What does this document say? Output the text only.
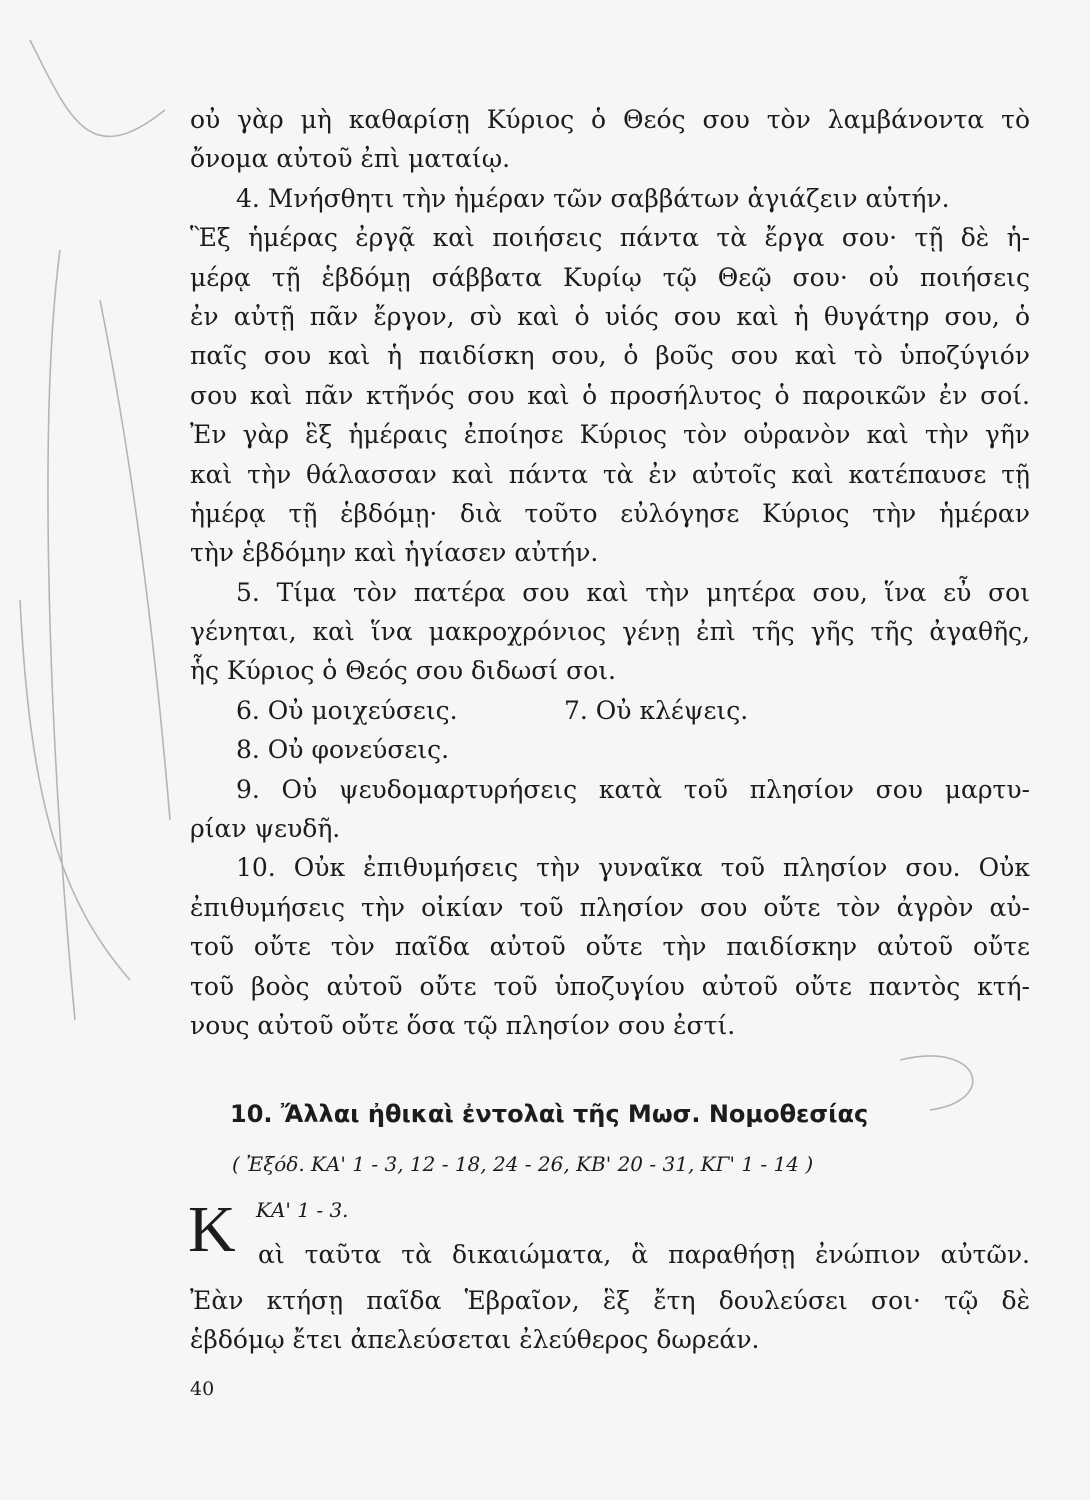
οὐ γὰρ μὴ καθαρίσῃ Κύριος ὁ Θεός σου τὸν λαμβάνοντα τὸ
ὄνομα αὐτοῦ ἐπὶ ματαίῳ.
4. Μνήσθητι τὴν ἡμέραν τῶν σαββάτων ἁγιάζειν αὐτήν.
Ἓξ ἡμέρας ἐργᾷ καὶ ποιήσεις πάντα τὰ ἔργα σου· τῇ δὲ ἡ-
μέρᾳ τῇ ἑβδόμῃ σάββατα Κυρίῳ τῷ Θεῷ σου· οὐ ποιήσεις
ἐν αὐτῇ πᾶν ἔργον, σὺ καὶ ὁ υἱός σου καὶ ἡ θυγάτηρ σου, ὁ
παῖς σου καὶ ἡ παιδίσκη σου, ὁ βοῦς σου καὶ τὸ ὑποζύγιόν
σου καὶ πᾶν κτῆνός σου καὶ ὁ προσήλυτος ὁ παροικῶν ἐν σοί.
Ἐν γὰρ ἓξ ἡμέραις ἐποίησε Κύριος τὸν οὐρανὸν καὶ τὴν γῆν
καὶ τὴν θάλασσαν καὶ πάντα τὰ ἐν αὐτοῖς καὶ κατέπαυσε τῇ
ἡμέρᾳ τῇ ἑβδόμῃ· διὰ τοῦτο εὐλόγησε Κύριος τὴν ἡμέραν
τὴν ἑβδόμην καὶ ἡγίασεν αὐτήν.
5. Τίμα τὸν πατέρα σου καὶ τὴν μητέρα σου, ἵνα εὖ σοι
γένηται, καὶ ἵνα μακροχρόνιος γένῃ ἐπὶ τῆς γῆς τῆς ἀγαθῆς,
ἧς Κύριος ὁ Θεός σου διδωσί σοι.
6. Οὐ μοιχεύσεις.	7. Οὐ κλέψεις.
8. Οὐ φονεύσεις.
9. Οὐ ψευδομαρτυρήσεις κατὰ τοῦ πλησίον σου μαρτυ-
ρίαν ψευδῆ.
10. Οὐκ ἐπιθυμήσεις τὴν γυναῖκα τοῦ πλησίον σου. Οὐκ
ἐπιθυμήσεις τὴν οἰκίαν τοῦ πλησίον σου οὔτε τὸν ἀγρὸν αὐ-
τοῦ οὔτε τὸν παῖδα αὐτοῦ οὔτε τὴν παιδίσκην αὐτοῦ οὔτε
τοῦ βοὸς αὐτοῦ οὔτε τοῦ ὑποζυγίου αὐτοῦ οὔτε παντὸς κτή-
νους αὐτοῦ οὔτε ὅσα τῷ πλησίον σου ἐστί.
10. Ἄλλαι ἠθικαὶ ἐντολαὶ τῆς Μωσ. Νομοθεσίας
( Ἐξόδ. ΚΑ' 1 - 3, 12 - 18, 24 - 26, ΚΒ' 20 - 31, ΚΓ' 1 - 14 )
Κ ΚΑ' 1 - 3.
αὶ ταῦτα τὰ δικαιώματα, ἃ παραθήσῃ ἐνώπιον αὐτῶν.
Ἐὰν κτήσῃ παῖδα Ἑβραῖον, ἓξ ἔτη δουλεύσει σοι· τῷ δὲ
ἑβδόμῳ ἔτει ἀπελεύσεται ἐλεύθερος δωρεάν.
40
